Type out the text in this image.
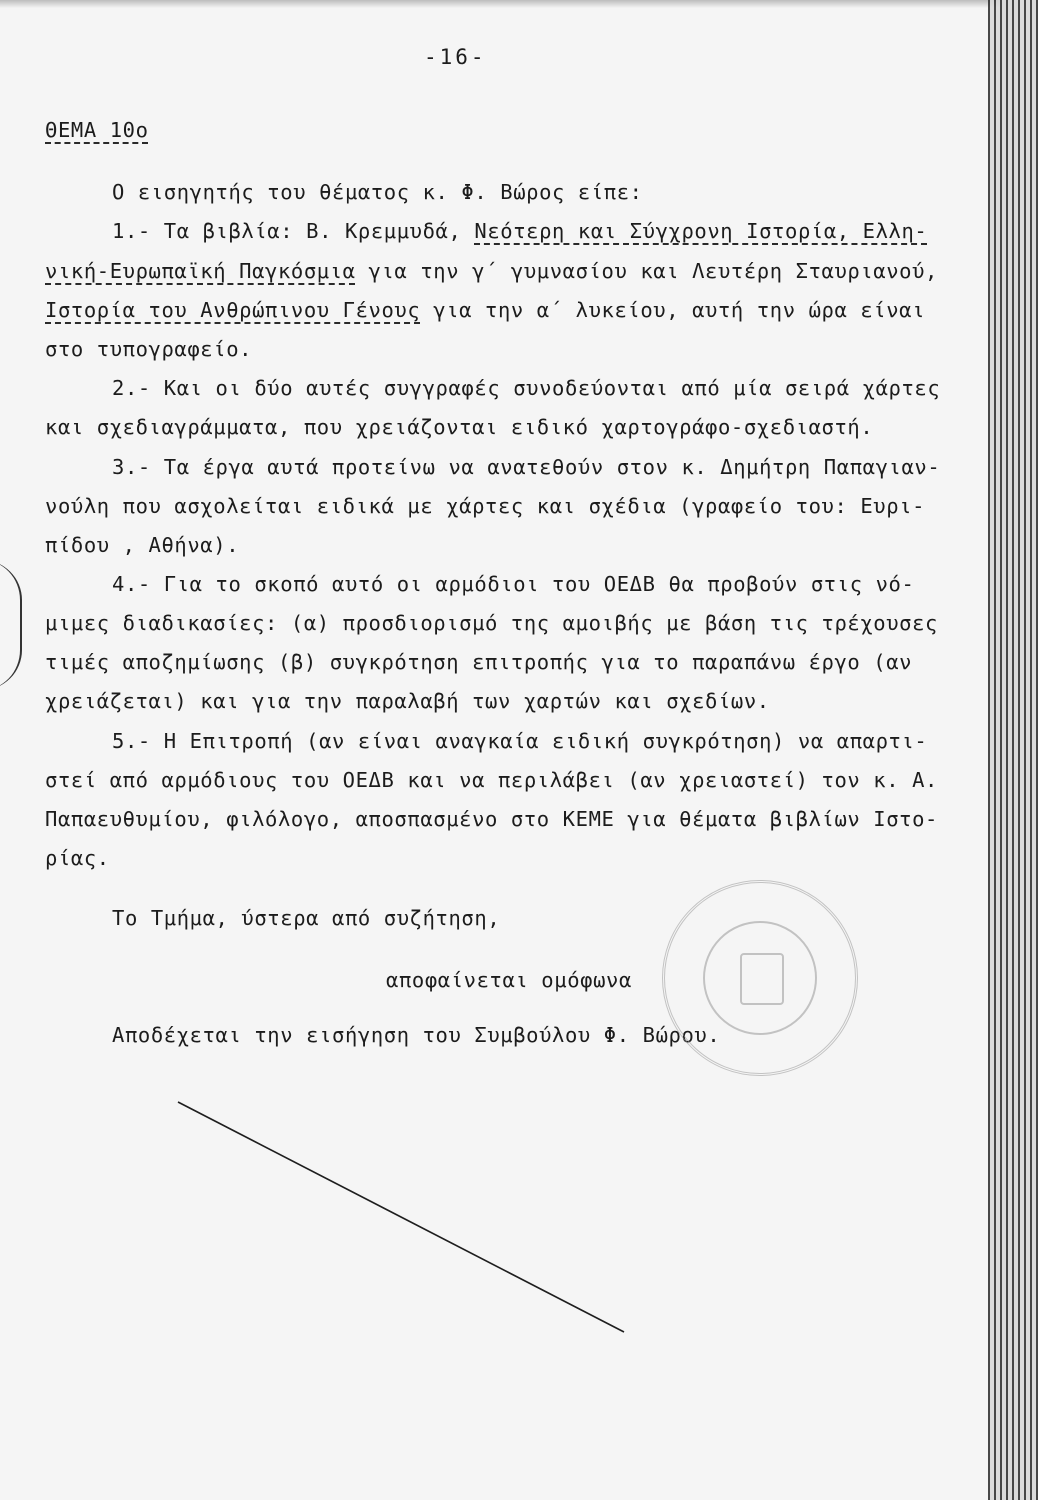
-16-
ΘΕΜΑ 10ο
Ο εισηγητής του θέματος κ. Φ. Βώρος είπε:
1.- Τα βιβλία: Β. Κρεμμυδά, Νεότερη και Σύγχρονη Ιστορία, Ελλη-
νική-Ευρωπαϊκή Παγκόσμια για την γ΄ γυμνασίου και Λευτέρη Σταυριανού,
Ιστορία του Ανθρώπινου Γένους για την α΄ λυκείου, αυτή την ώρα είναι
στο τυπογραφείο.
2.- Και οι δύο αυτές συγγραφές συνοδεύονται από μία σειρά χάρτες
και σχεδιαγράμματα, που χρειάζονται ειδικό χαρτογράφο-σχεδιαστή.
3.- Τα έργα αυτά προτείνω να ανατεθούν στον κ. Δημήτρη Παπαγιαν-
νούλη που ασχολείται ειδικά με χάρτες και σχέδια (γραφείο του: Ευρι-
πίδου , Αθήνα).
4.- Για το σκοπό αυτό οι αρμόδιοι του ΟΕΔΒ θα προβούν στις νό-
μιμες διαδικασίες: (α) προσδιορισμό της αμοιβής με βάση τις τρέχουσες
τιμές αποζημίωσης (β) συγκρότηση επιτροπής για το παραπάνω έργο (αν
χρειάζεται) και για την παραλαβή των χαρτών και σχεδίων.
5.- Η Επιτροπή (αν είναι αναγκαία ειδική συγκρότηση) να απαρτι-
στεί από αρμόδιους του ΟΕΔΒ και να περιλάβει (αν χρειαστεί) τον κ. Α.
Παπαευθυμίου, φιλόλογο, αποσπασμένο στο ΚΕΜΕ για θέματα βιβλίων Ιστο-
ρίας.
Το Τμήμα, ύστερα από συζήτηση,
αποφαίνεται ομόφωνα
Αποδέχεται την εισήγηση του Συμβούλου Φ. Βώρου.
